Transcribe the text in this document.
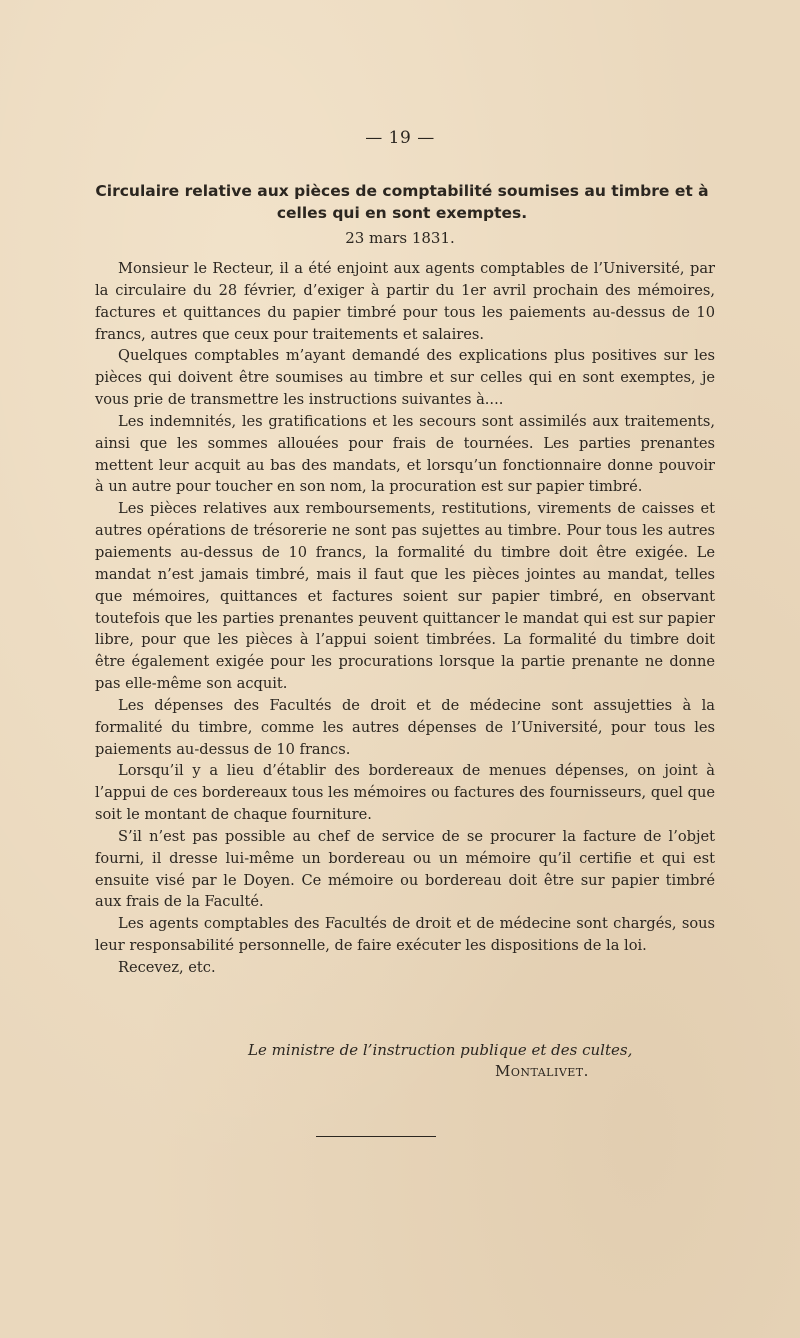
— 19 —
Circulaire relative aux pièces de comptabilité soumises au timbre et à celles qui en sont exemptes.
23 mars 1831.

Monsieur le Recteur, il a été enjoint aux agents comptables de l’Université, par la circulaire du 28 février, d’exiger à partir du 1er avril prochain des mémoires, factures et quittances du papier timbré pour tous les paiements au-dessus de 10 francs, autres que ceux pour traitements et salaires.

Quelques comptables m’ayant demandé des explications plus positives sur les pièces qui doivent être soumises au timbre et sur celles qui en sont exemptes, je vous prie de transmettre les instructions suivantes à....

Les indemnités, les gratifications et les secours sont assimilés aux traitements, ainsi que les sommes allouées pour frais de tournées. Les parties prenantes mettent leur acquit au bas des mandats, et lorsqu’un fonctionnaire donne pouvoir à un autre pour toucher en son nom, la procuration est sur papier timbré.

Les pièces relatives aux remboursements, restitutions, virements de caisses et autres opérations de trésorerie ne sont pas sujettes au timbre. Pour tous les autres paiements au-dessus de 10 francs, la formalité du timbre doit être exigée. Le mandat n’est jamais timbré, mais il faut que les pièces jointes au mandat, telles que mémoires, quittances et factures soient sur papier timbré, en observant toutefois que les parties prenantes peuvent quittancer le mandat qui est sur papier libre, pour que les pièces à l’appui soient timbrées. La formalité du timbre doit être également exigée pour les procurations lorsque la partie prenante ne donne pas elle-même son acquit.

Les dépenses des Facultés de droit et de médecine sont assujetties à la formalité du timbre, comme les autres dépenses de l’Université, pour tous les paiements au-dessus de 10 francs.

Lorsqu’il y a lieu d’établir des bordereaux de menues dépenses, on joint à l’appui de ces bordereaux tous les mémoires ou factures des fournisseurs, quel que soit le montant de chaque fourniture.

S’il n’est pas possible au chef de service de se procurer la facture de l’objet fourni, il dresse lui-même un bordereau ou un mémoire qu’il certifie et qui est ensuite visé par le Doyen. Ce mémoire ou bordereau doit être sur papier timbré aux frais de la Faculté.

Les agents comptables des Facultés de droit et de médecine sont chargés, sous leur responsabilité personnelle, de faire exécuter les dispositions de la loi.

Recevez, etc.

Le ministre de l’instruction publique et des cultes,
Montalivet.
